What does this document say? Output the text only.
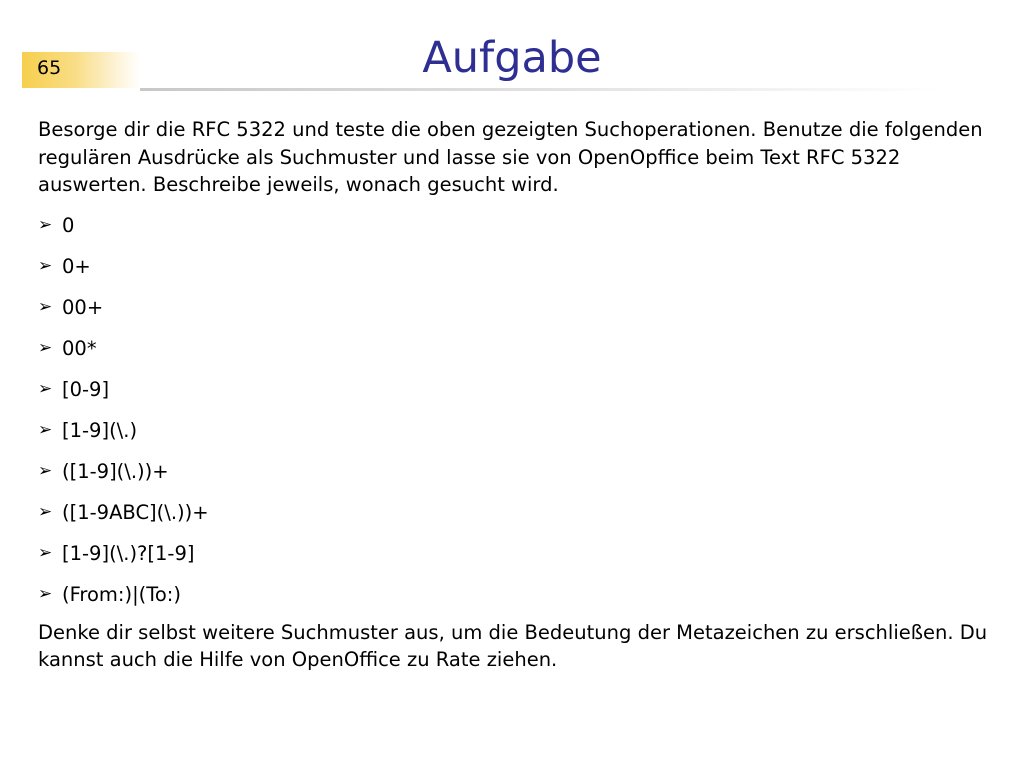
65	Aufgabe

Besorge dir die RFC 5322 und teste die oben gezeigten Suchoperationen. Benutze die folgenden regulären Ausdrücke als Suchmuster und lasse sie von OpenOpffice beim Text RFC 5322 auswerten. Beschreibe jeweils, wonach gesucht wird.

➢ 0
➢ 0+
➢ 00+
➢ 00*
➢ [0-9]
➢ [1-9](\.)
➢ ([1-9](\.))+
➢ ([1-9ABC](\.))+
➢ [1-9](\.)?[1-9]
➢ (From:)|(To:)

Denke dir selbst weitere Suchmuster aus, um die Bedeutung der Metazeichen zu erschließen. Du kannst auch die Hilfe von OpenOffice zu Rate ziehen.
